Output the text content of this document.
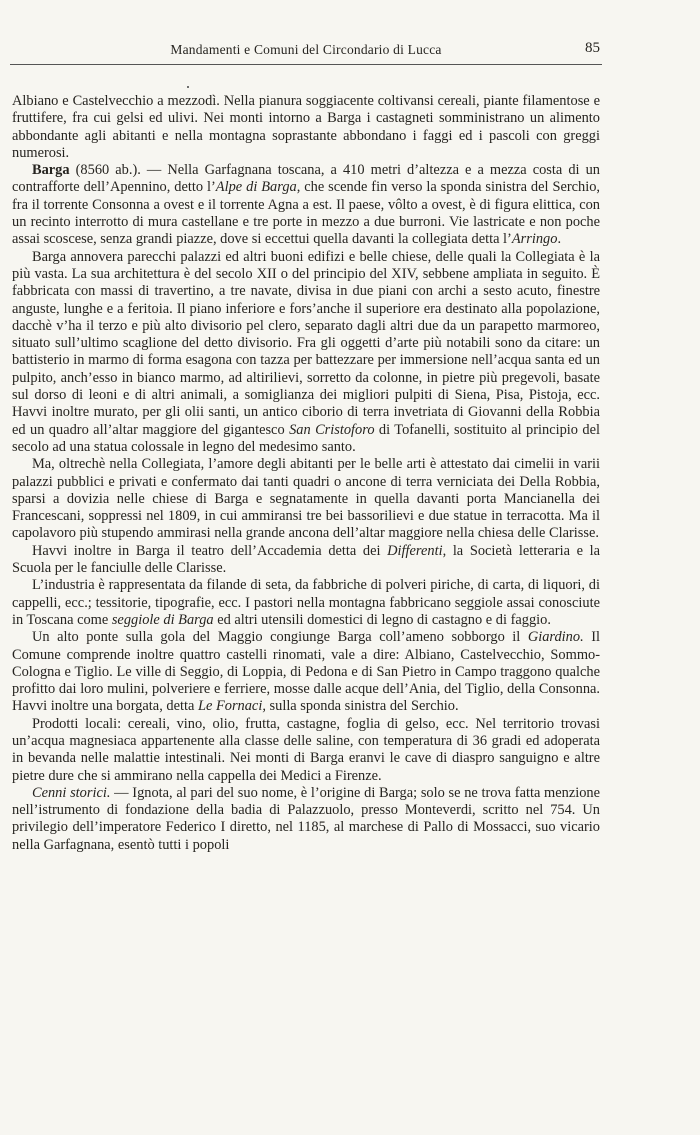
Mandamenti e Comuni del Circondario di Lucca	85

Albiano e Castelvecchio a mezzodì. Nella pianura soggiacente coltivansi cereali, piante filamentose e fruttifere, fra cui gelsi ed ulivi. Nei monti intorno a Barga i castagneti somministrano un alimento abbondante agli abitanti e nella montagna soprastante abbondano i faggi ed i pascoli con greggi numerosi.

Barga (8560 ab.). — Nella Garfagnana toscana, a 410 metri d’altezza e a mezza costa di un contrafforte dell’Apennino, detto l’Alpe di Barga, che scende fin verso la sponda sinistra del Serchio, fra il torrente Consonna a ovest e il torrente Agna a est. Il paese, vôlto a ovest, è di figura elittica, con un recinto interrotto di mura castellane e tre porte in mezzo a due burroni. Vie lastricate e non poche assai scoscese, senza grandi piazze, dove si eccettui quella davanti la collegiata detta l’Arringo.

Barga annovera parecchi palazzi ed altri buoni edifizi e belle chiese, delle quali la Collegiata è la più vasta. La sua architettura è del secolo XII o del principio del XIV, sebbene ampliata in seguito. È fabbricata con massi di travertino, a tre navate, divisa in due piani con archi a sesto acuto, finestre anguste, lunghe e a feritoia. Il piano inferiore e fors’anche il superiore era destinato alla popolazione, dacchè v’ha il terzo e più alto divisorio pel clero, separato dagli altri due da un parapetto marmoreo, situato sull’ultimo scaglione del detto divisorio. Fra gli oggetti d’arte più notabili sono da citare: un battisterio in marmo di forma esagona con tazza per battezzare per immersione nell’acqua santa ed un pulpito, anch’esso in bianco marmo, ad altirilievi, sorretto da colonne, in pietre più pregevoli, basate sul dorso di leoni e di altri animali, a somiglianza dei migliori pulpiti di Siena, Pisa, Pistoja, ecc. Havvi inoltre murato, per gli olii santi, un antico ciborio di terra invetriata di Giovanni della Robbia ed un quadro all’altar maggiore del gigantesco San Cristoforo di Tofanelli, sostituito al principio del secolo ad una statua colossale in legno del medesimo santo.

Ma, oltrechè nella Collegiata, l’amore degli abitanti per le belle arti è attestato dai cimelii in varii palazzi pubblici e privati e confermato dai tanti quadri o ancone di terra verniciata dei Della Robbia, sparsi a dovizia nelle chiese di Barga e segnatamente in quella davanti porta Mancianella dei Francescani, soppressi nel 1809, in cui ammiransi tre bei bassorilievi e due statue in terracotta. Ma il capolavoro più stupendo ammirasi nella grande ancona dell’altar maggiore nella chiesa delle Clarisse.

Havvi inoltre in Barga il teatro dell’Accademia detta dei Differenti, la Società letteraria e la Scuola per le fanciulle delle Clarisse.

L’industria è rappresentata da filande di seta, da fabbriche di polveri piriche, di carta, di liquori, di cappelli, ecc.; tessitorie, tipografie, ecc. I pastori nella montagna fabbricano seggiole assai conosciute in Toscana come seggiole di Barga ed altri utensili domestici di legno di castagno e di faggio.

Un alto ponte sulla gola del Maggio congiunge Barga coll’ameno sobborgo il Giardino. Il Comune comprende inoltre quattro castelli rinomati, vale a dire: Albiano, Castelvecchio, Sommo-Cologna e Tiglio. Le ville di Seggio, di Loppia, di Pedona e di San Pietro in Campo traggono qualche profitto dai loro mulini, polveriere e ferriere, mosse dalle acque dell’Ania, del Tiglio, della Consonna. Havvi inoltre una borgata, detta Le Fornaci, sulla sponda sinistra del Serchio.

Prodotti locali: cereali, vino, olio, frutta, castagne, foglia di gelso, ecc. Nel territorio trovasi un’acqua magnesiaca appartenente alla classe delle saline, con temperatura di 36 gradi ed adoperata in bevanda nelle malattie intestinali. Nei monti di Barga eranvi le cave di diaspro sanguigno e altre pietre dure che si ammirano nella cappella dei Medici a Firenze.

Cenni storici. — Ignota, al pari del suo nome, è l’origine di Barga; solo se ne trova fatta menzione nell’istrumento di fondazione della badia di Palazzuolo, presso Monteverdi, scritto nel 754. Un privilegio dell’imperatore Federico I diretto, nel 1185, al marchese di Pallo di Mossacci, suo vicario nella Garfagnana, esentò tutti i popoli
